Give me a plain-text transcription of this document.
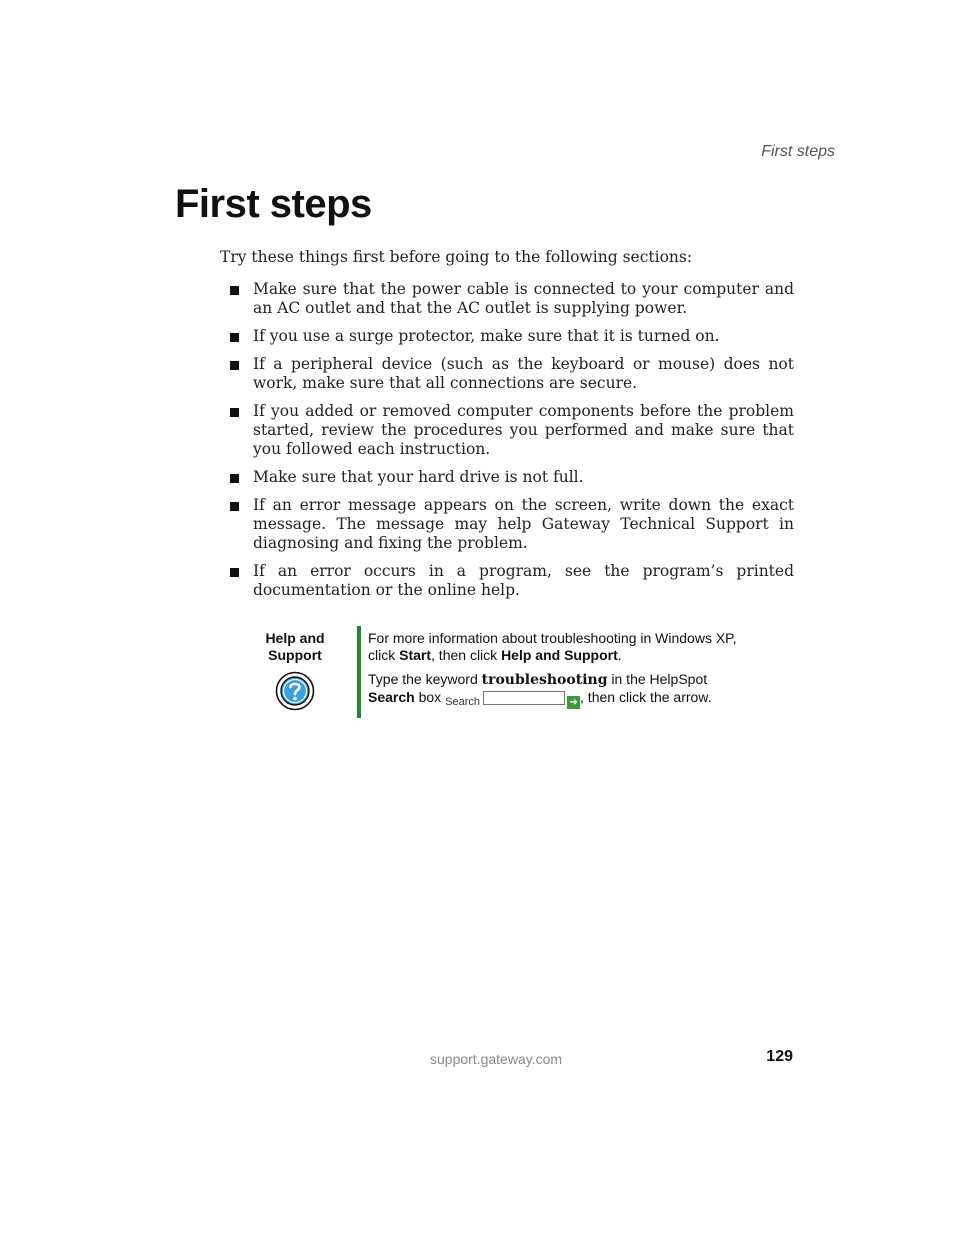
First steps
First steps

Try these things first before going to the following sections:

Make sure that the power cable is connected to your computer and an AC outlet and that the AC outlet is supplying power.
If you use a surge protector, make sure that it is turned on.
If a peripheral device (such as the keyboard or mouse) does not work, make sure that all connections are secure.
If you added or removed computer components before the problem started, review the procedures you performed and make sure that you followed each instruction.
Make sure that your hard drive is not full.
If an error message appears on the screen, write down the exact message. The message may help Gateway Technical Support in diagnosing and fixing the problem.
If an error occurs in a program, see the program’s printed documentation or the online help.
Help and
Support

For more information about troubleshooting in Windows XP, click Start, then click Help and Support.

Type the keyword troubleshooting in the HelpSpot Search box $_{Search}$	➔ , then click the arrow.

support.gateway.com	129
